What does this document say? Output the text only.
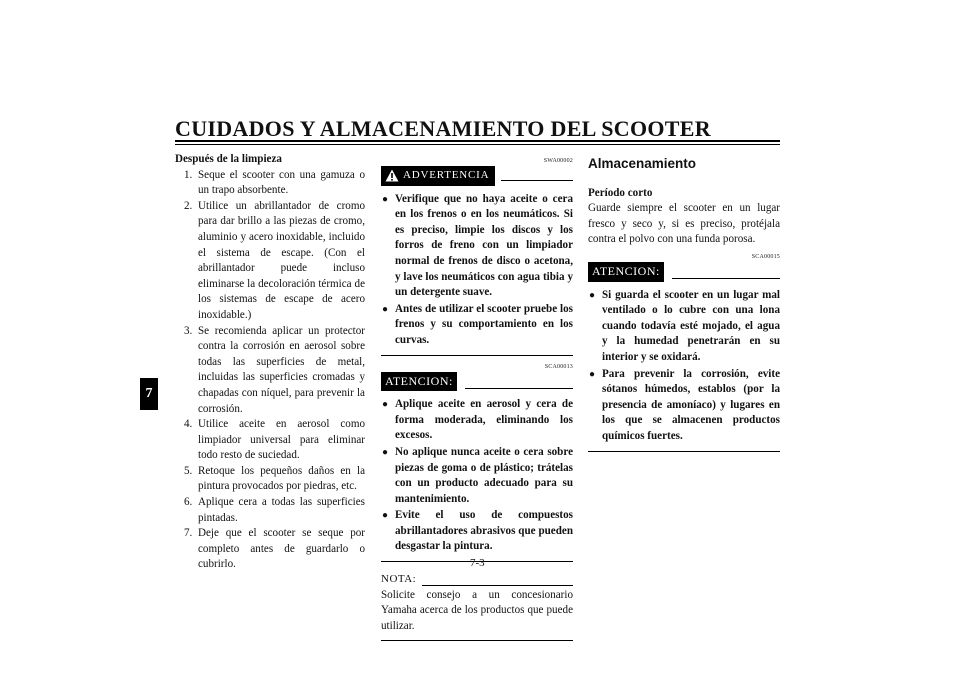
CUIDADOS Y ALMACENAMIENTO DEL SCOOTER
7
Después de la limpieza
1. Seque el scooter con una gamuza o un trapo absorbente.
2. Utilice un abrillantador de cromo para dar brillo a las piezas de cromo, aluminio y acero inoxidable, incluido el sistema de escape. (Con el abrillantador puede incluso eliminarse la decoloración térmica de los sistemas de escape de acero inoxidable.)
3. Se recomienda aplicar un protector contra la corrosión en aerosol sobre todas las superficies de metal, incluidas las superficies cromadas y chapadas con níquel, para prevenir la corrosión.
4. Utilice aceite en aerosol como limpiador universal para eliminar todo resto de suciedad.
5. Retoque los pequeños daños en la pintura provocados por piedras, etc.
6. Aplique cera a todas las superficies pintadas.
7. Deje que el scooter se seque por completo antes de guardarlo o cubrirlo.
SWA00002
ADVERTENCIA
● Verifique que no haya aceite o cera en los frenos o en los neumáticos. Si es preciso, limpie los discos y los forros de freno con un limpiador normal de frenos de disco o acetona, y lave los neumáticos con agua tibia y un detergente suave.
● Antes de utilizar el scooter pruebe los frenos y su comportamiento en los curvas.
SCA00013
ATENCION:
● Aplique aceite en aerosol y cera de forma moderada, eliminando los excesos.
● No aplique nunca aceite o cera sobre piezas de goma o de plástico; trátelas con un producto adecuado para su mantenimiento.
● Evite el uso de compuestos abrillantadores abrasivos que pueden desgastar la pintura.
NOTA:
Solicite consejo a un concesionario Yamaha acerca de los productos que puede utilizar.
Almacenamiento
Período corto
Guarde siempre el scooter en un lugar fresco y seco y, si es preciso, protéjala contra el polvo con una funda porosa.
SCA00015
ATENCION:
● Si guarda el scooter en un lugar mal ventilado o lo cubre con una lona cuando todavía esté mojado, el agua y la humedad penetrarán en su interior y se oxidará.
● Para prevenir la corrosión, evite sótanos húmedos, establos (por la presencia de amoníaco) y lugares en los que se almacenen productos químicos fuertes.
7-3
